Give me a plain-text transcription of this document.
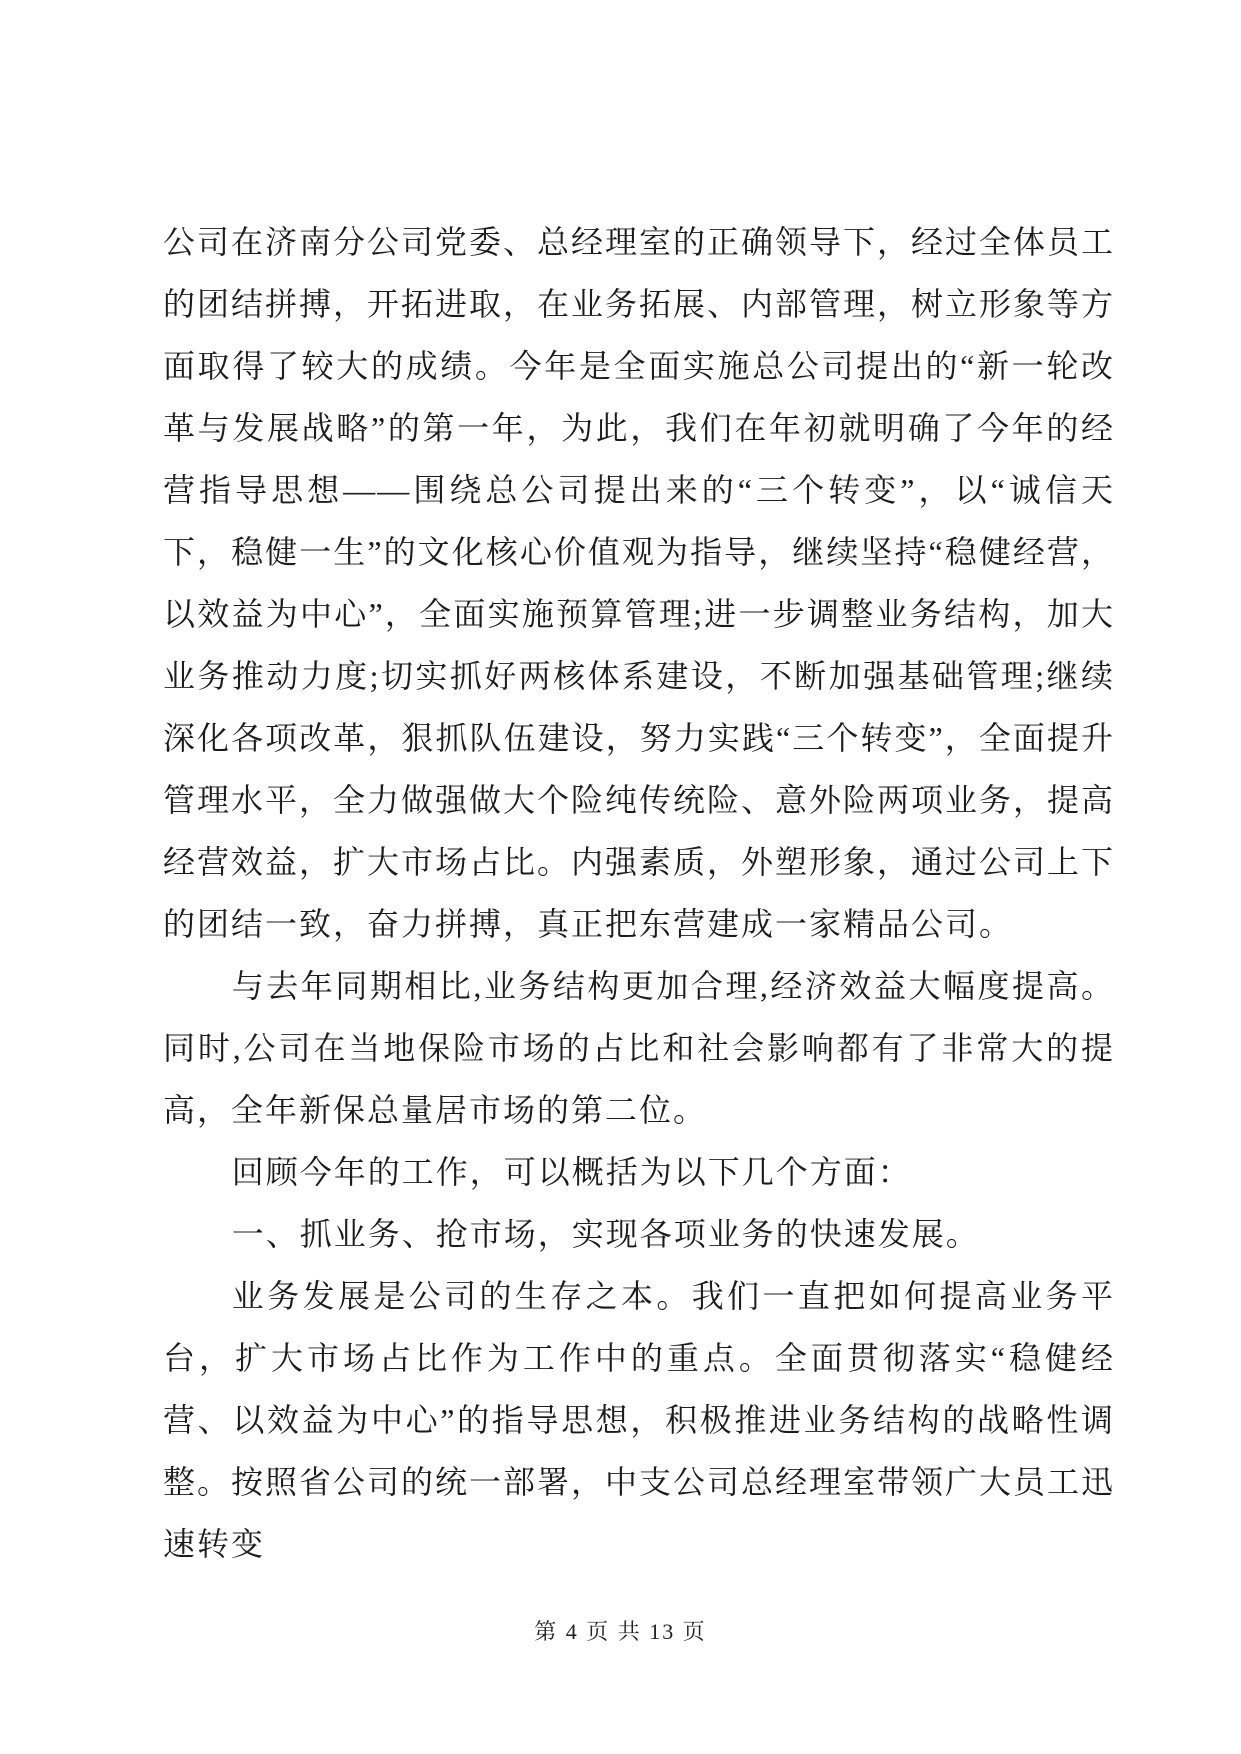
公司在济南分公司党委、总经理室的正确领导下，经过全体员工的团结拼搏，开拓进取，在业务拓展、内部管理，树立形象等方面取得了较大的成绩。今年是全面实施总公司提出的“新一轮改革与发展战略”的第一年，为此，我们在年初就明确了今年的经营指导思想——围绕总公司提出来的“三个转变”，以“诚信天下，稳健一生”的文化核心价值观为指导，继续坚持“稳健经营，以效益为中心”，全面实施预算管理;进一步调整业务结构，加大业务推动力度;切实抓好两核体系建设，不断加强基础管理;继续深化各项改革，狠抓队伍建设，努力实践“三个转变”，全面提升管理水平，全力做强做大个险纯传统险、意外险两项业务，提高经营效益，扩大市场占比。内强素质，外塑形象，通过公司上下的团结一致，奋力拼搏，真正把东营建成一家精品公司。

与去年同期相比,业务结构更加合理,经济效益大幅度提高。同时,公司在当地保险市场的占比和社会影响都有了非常大的提高，全年新保总量居市场的第二位。

回顾今年的工作，可以概括为以下几个方面：

一、抓业务、抢市场，实现各项业务的快速发展。

业务发展是公司的生存之本。我们一直把如何提高业务平台，扩大市场占比作为工作中的重点。全面贯彻落实“稳健经营、以效益为中心”的指导思想，积极推进业务结构的战略性调整。按照省公司的统一部署，中支公司总经理室带领广大员工迅速转变

第 4 页 共 13 页
